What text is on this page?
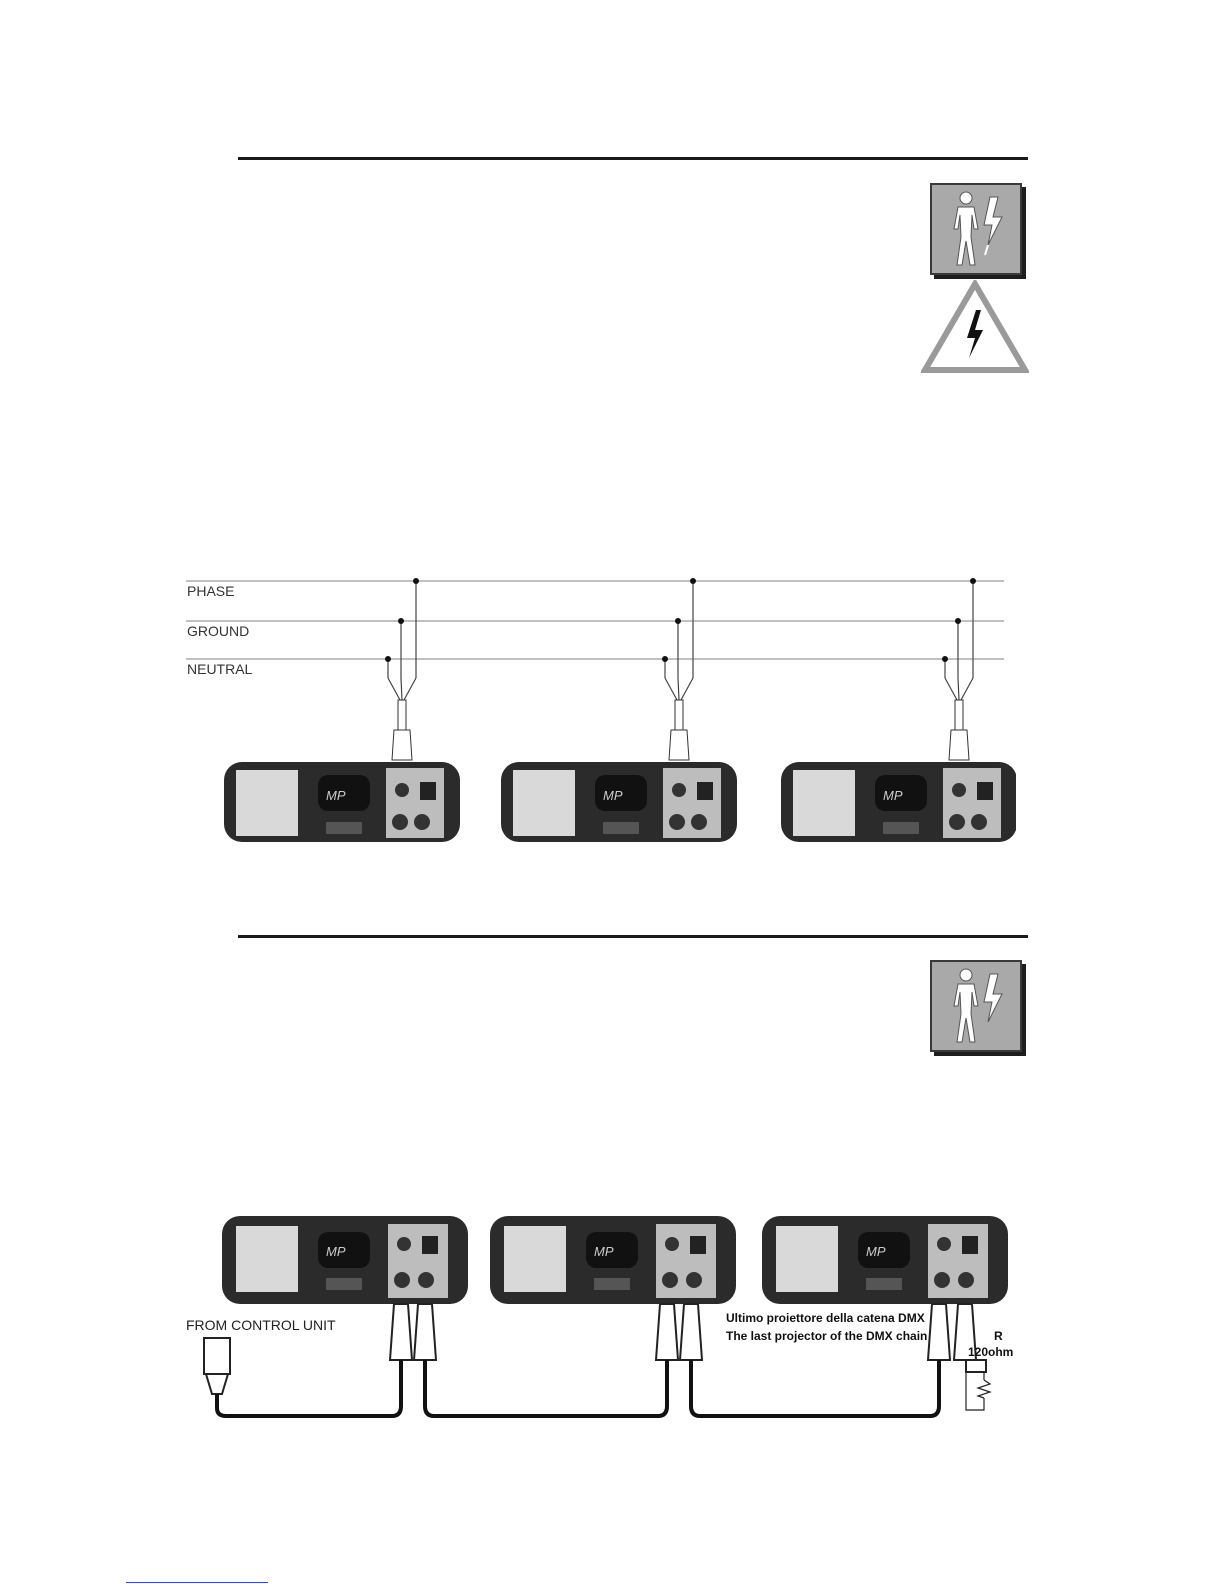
PHASE
GROUND
NEUTRAL
MP	MP	MP
MP	MP	MP
FROM CONTROL UNIT	Ultimo proiettore della catena DMX
The last projector of the DMX chain	R
120ohm
